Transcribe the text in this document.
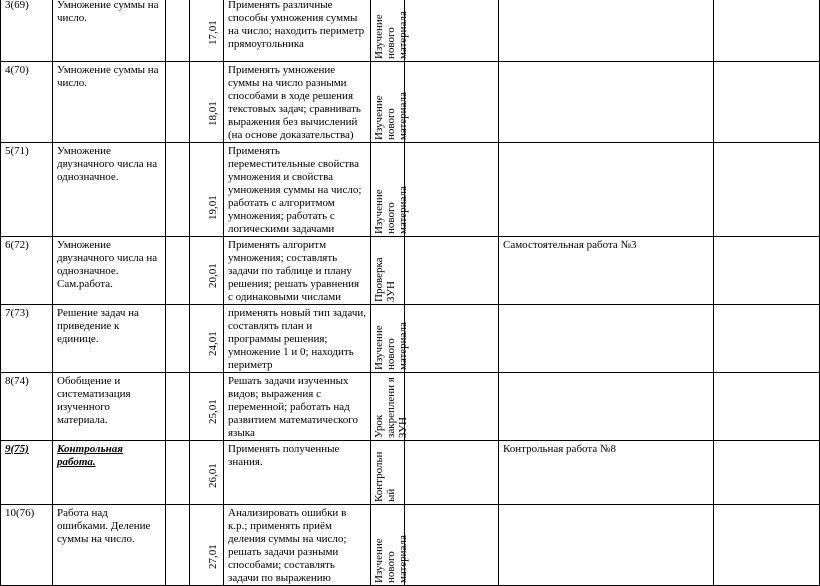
3(69)	Умножение суммы на число.		17,01	Применять различные способы умножения суммы на число; находить периметр прямоугольника	Изучение нового материала			

4(70)	Умножение суммы на число.		18,01	Применять умножение суммы на число разными способами в ходе решения текстовых задач; сравнивать выражения без вычислений (на основе доказательства)	Изучение нового материала			

5(71)	Умножение двузначного числа на однозначное.		19,01	Применять переместительные свойства умножения и свойства умножения суммы на число; работать с алгоритмом умножения; работать с логическими задачами	Изучение нового материала			

6(72)	Умножение двузначного числа на однозначное. Сам.работа.		20,01	Применять алгоритм умножения; составлять задачи по таблице и плану решения; решать уравнения с одинаковыми числами	Проверка ЗУН		Самостоятельная работа №3	
7(73)	Решение задач на приведение к единице.		24,01	применять новый тип задачи, составлять план и программы решения; умножение 1 и 0; находить периметр	Изучение нового материала			

8(74)	Обобщение и систематизация изученного материала.		25,01	Решать задачи изученных видов; выражения с переменной; работать над развитием математического языка	Урок закреплени я ЗУН			

9(75)	Контрольная работа.		26,01	Применять полученные знания.	Контрольн ый		Контрольная работа №8	
10(76)	Работа над ошибками. Деление суммы на число.		27,01	Анализировать ошибки в к.р.; применять приём деления суммы на число; решать задачи разными способами; составлять задачи по выражению	Изучение нового материала			
